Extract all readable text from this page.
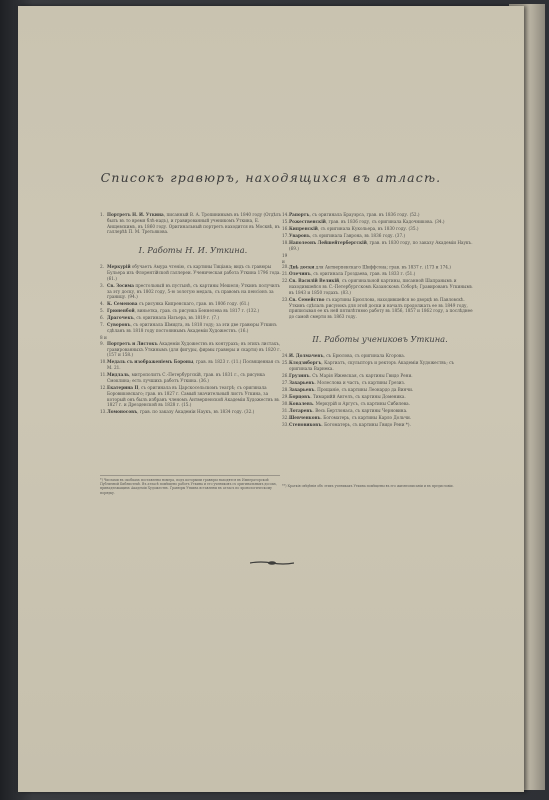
Списокъ гравюръ, находящихся въ атласѣ.
1. Портретъ Н. И. Уткина, писанный В. А. Тропининымъ въ 1840 году (Отдѣлъ былъ въ то время блѣ-надъ), и гравированный ученикомъ Уткина, Е. Анщевскимъ, въ 1860 году. Оригинальный портретъ находится въ Москвѣ, въ галлерѣѣ П. М. Третьякова.
I. Работы Н. И. Уткина.
2. Меркурій обучаетъ Амура чтенію, съ картины Тиціана; видъ съ гравюры Бульера изъ Флорентійской галлереи. Ученическая работа Уткина 1796 года. (61.)
3. Св. Зосима престольный въ пустынѣ, съ картины Мешеля; Уткинъ получилъ за эту доску, въ 1802 году, 5-ю золотую медаль, съ правомъ на пенсіонъ за границу. (94.)
4. К. Семенова съ рисунка Кипренскаго, грав. въ 1806 году. (61.)
5. Грюненбой, виньетка, грав. съ рисунка Беннелева въ 1817 г. (132.)
6. Драгочекъ, съ оригинала Натьера, въ 1819 г. (7.)
7. Суворовъ, съ оригинала Шмидта, въ 1818 году; за эти две гравюры Уткинъ сдѣланъ въ 1818 году постояннымъ Академіи Художествъ. (16.)
8 и 9. Портретъ и Листокъ Академіи Художествъ въ контурахъ; въ этихъ листахъ, гравированныхъ Уткинымъ (для фигуры, фирмы гравюры и скарти) въ 1820 г. (157 и 158.)
10.Медаль съ изображеніемъ Бороны, грав. въ 1823 г. (11.) Посвященная съ М. 21.
11.Мидлаль, митрополитъ С.-Петербургскій, грав. въ 1831 г., съ рисунка Смоклина; есть лучшихъ работъ Уткина. (36.)
12.Екатерина II, съ оригинала въ Царскосельскомъ театрѣ; съ оригинала Боровиковскаго; грав. въ 1827 г. Самый значительный листъ Уткина, за который онъ былъ избранъ членомъ Антверпенской Академіи Художествъ въ 1827 г. и Дрезденской въ 1828 г. (15.)
13.Ломоносовъ, грав. по заказу Академіи Наукъ, въ 1834 году. (32.)
14.Рапортъ, съ оригинала Брауэрса, грав. въ 1836 году. (52.)
15.Рожественскій, грав. въ 1836 году, съ оригинала Кадочникова. (34.)
16.Кипренскій, съ оригинала Кукольера, въ 1830 году. (35.)
17.Уваровъ, съ оригинала Гаврона, въ 1836 году. (37.)
18.Наполеонъ Лейшейтербергскій, грав. въ 1830 году, по заказу Академіи Наукъ. (69.)
19 и 20.Двѣ доски для Антверпенскаго Шиффсона; грав. въ 1837 г. (173 и 174.)
21.Олечинъ, съ оригинала Гроздаева, грав. въ 1833 г. (51.)
22.Св. Василій Великій, съ оригинальной картины, писанной Шапранымъ и находившейся въ С.-Петербургскомъ Казанскомъ Соборѣ; Гравированъ Уткинымъ въ 1843 и 1850 годахъ. (83.)
23.Св. Семейство съ картины Брюллова, находившейся во дворцѣ въ Павловскѣ. Уткинъ сдѣлалъ рисунокъ для этой доски и началъ продолжать ее въ 1849 году, приписывая ее къ ней пятилѣтнюю работу въ 1856, 1857 и 1862 году, а послѣднее до самой смерти въ 1863 году.
II. Работы учениковъ Уткина.
24.И. Долмачевъ, съ Брюлова, съ оригинала Кгорова.
25.Клодзиборгъ, Каргиатъ, скульпторъ и ректоръ Академіи Художествъ; съ оригинала Варнека.
26.Грузинъ. Съ Марія Ижевская, съ картины Гвидо Рени.
27.Захарьевъ. Молеслова и часть, съ картины Грезиз.
28.Захарьевъ. Прощаніе, съ картины Леонардо да Винчи.
29.Борцовъ. Тимарийй Ангелъ, съ картины Доменика.
30.Ковалевъ. Меркурій и Аргусъ, съ картины Сибилева.
31.Лотаревъ. Весь Бертлонаса, съ картины Черновина.
32.Шевченковъ. Богоматерь, съ картины Карло Дольчи.
33.Стеновиковъ. Богоматерь, съ картины Гвидо Рени *).
*) Числами въ скобкахъ поставлены номера, подъ которыми гравюры находятся въ Императорской Публичной Библиотекѣ. Въ атласѣ помѣщено работъ Уткина и его учениковъ съ оригинальныхъ досокъ, принадлежащихъ Академіи Художествъ. Гравюры Уткина вставлены въ атласъ по хронологическому порядку.
**) Краткія свѣдѣнія объ этихъ ученикахъ Уткина помѣщены въ его жизнеописаніи и въ предисловіи.
